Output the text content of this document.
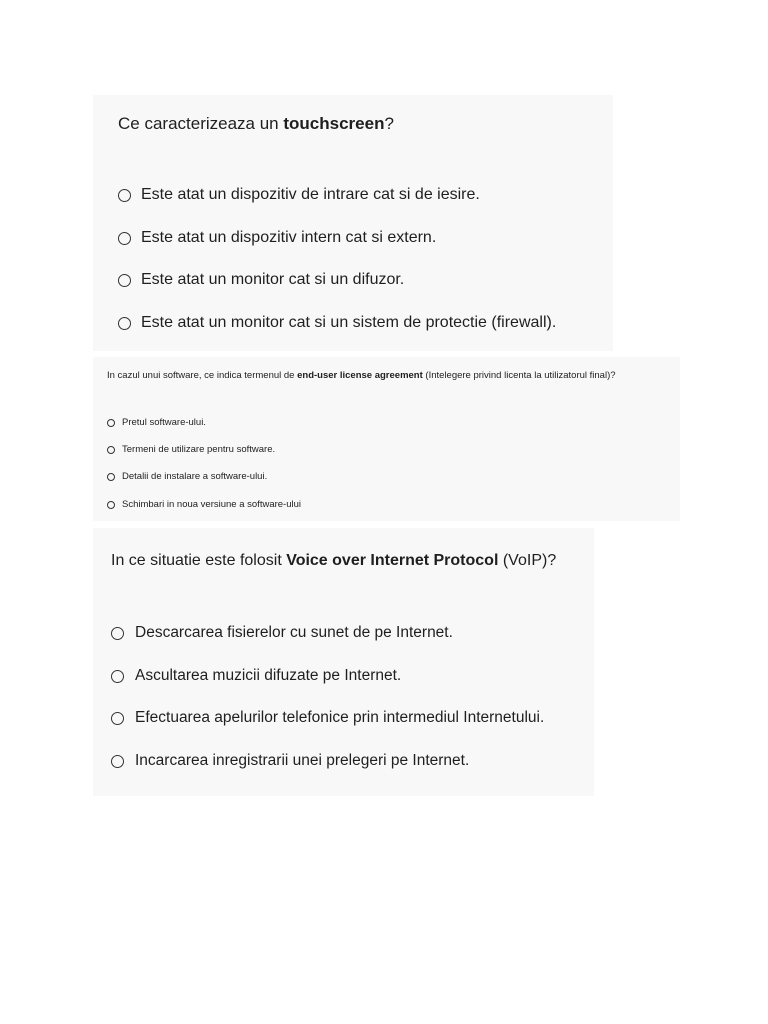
Ce caracterizeaza un touchscreen?

Este atat un dispozitiv de intrare cat si de iesire.
Este atat un dispozitiv intern cat si extern.
Este atat un monitor cat si un difuzor.
Este atat un monitor cat si un sistem de protectie (firewall).

In cazul unui software, ce indica termenul de end-user license agreement (Intelegere privind licenta la utilizatorul final)?

Pretul software-ului.
Termeni de utilizare pentru software.
Detalii de instalare a software-ului.
Schimbari in noua versiune a software-ului

In ce situatie este folosit Voice over Internet Protocol (VoIP)?

Descarcarea fisierelor cu sunet de pe Internet.
Ascultarea muzicii difuzate pe Internet.
Efectuarea apelurilor telefonice prin intermediul Internetului.
Incarcarea inregistrarii unei prelegeri pe Internet.
